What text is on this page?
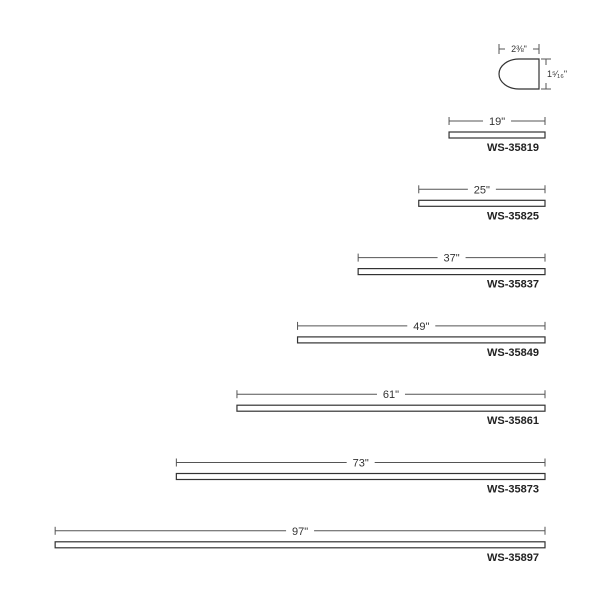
2⅜"
1⁵⁄₁₆"
19"
WS-35819
25"
WS-35825
37"
WS-35837
49"
WS-35849
61"
WS-35861
73"
WS-35873
97"
WS-35897
